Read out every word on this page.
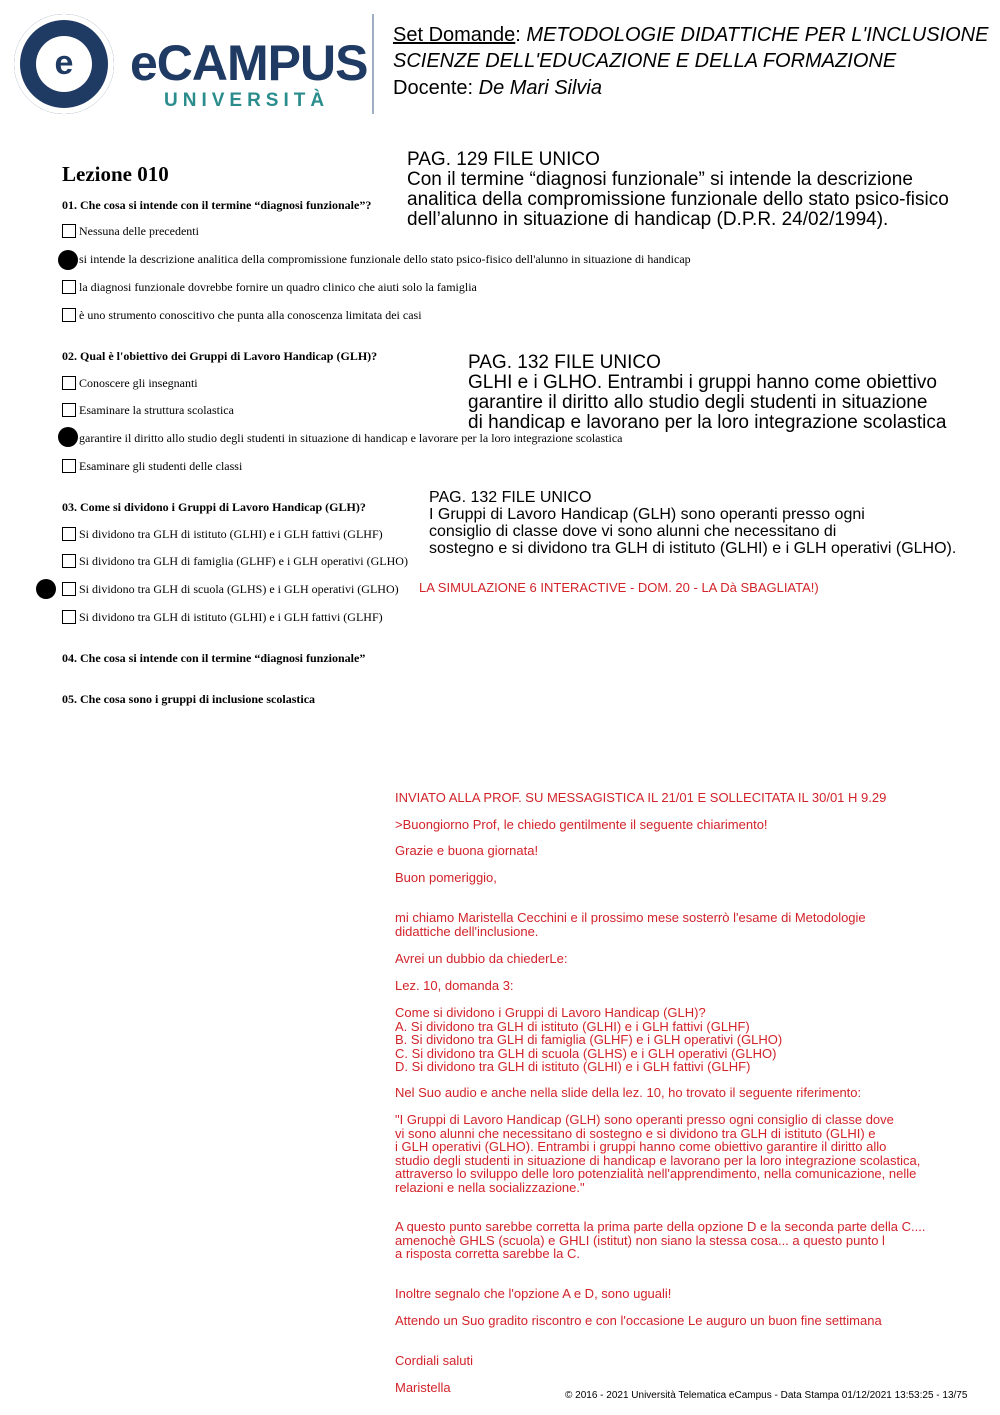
e	eCAMPUS
UNIVERSITÀ
Set Domande: METODOLOGIE DIDATTICHE PER L'INCLUSIONE
SCIENZE DELL'EDUCAZIONE E DELLA FORMAZIONE
Docente: De Mari Silvia
Lezione 010
01. Che cosa si intende con il termine “diagnosi funzionale”?
Nessuna delle precedenti
si intende la descrizione analitica della compromissione funzionale dello stato psico-fisico dell'alunno in situazione di handicap
la diagnosi funzionale dovrebbe fornire un quadro clinico che aiuti solo la famiglia
è uno strumento conoscitivo che punta alla conoscenza limitata dei casi
PAG. 129 FILE UNICO
Con il termine “diagnosi funzionale” si intende la descrizione
analitica della compromissione funzionale dello stato psico-fisico
dell’alunno in situazione di handicap (D.P.R. 24/02/1994).
02. Qual è l'obiettivo dei Gruppi di Lavoro Handicap (GLH)?
Conoscere gli insegnanti
Esaminare la struttura scolastica
garantire il diritto allo studio degli studenti in situazione di handicap e lavorare per la loro integrazione scolastica
Esaminare gli studenti delle classi
PAG. 132 FILE UNICO
GLHI e i GLHO. Entrambi i gruppi hanno come obiettivo
garantire il diritto allo studio degli studenti in situazione
di handicap e lavorano per la loro integrazione scolastica
03. Come si dividono i Gruppi di Lavoro Handicap (GLH)?
Si dividono tra GLH di istituto (GLHI) e i GLH fattivi (GLHF)
Si dividono tra GLH di famiglia (GLHF) e i GLH operativi (GLHO)
Si dividono tra GLH di scuola (GLHS) e i GLH operativi (GLHO)
Si dividono tra GLH di istituto (GLHI) e i GLH fattivi (GLHF)
LA SIMULAZIONE 6 INTERACTIVE - DOM. 20 - LA Dà SBAGLIATA!)
PAG. 132 FILE UNICO
I Gruppi di Lavoro Handicap (GLH) sono operanti presso ogni
consiglio di classe dove vi sono alunni che necessitano di
sostegno e si dividono tra GLH di istituto (GLHI) e i GLH operativi (GLHO).
04. Che cosa si intende con il termine “diagnosi funzionale”
05. Che cosa sono i gruppi di inclusione scolastica
INVIATO ALLA PROF. SU MESSAGISTICA IL 21/01 E SOLLECITATA IL 30/01 H 9.29
>Buongiorno Prof, le chiedo gentilmente il seguente chiarimento!
Grazie e buona giornata!
Buon pomeriggio,
mi chiamo Maristella Cecchini e il prossimo mese sosterrò l'esame di Metodologie
didattiche dell'inclusione.
Avrei un dubbio da chiederLe:
Lez. 10, domanda 3:
Come si dividono i Gruppi di Lavoro Handicap (GLH)?
A. Si dividono tra GLH di istituto (GLHI) e i GLH fattivi (GLHF)
B. Si dividono tra GLH di famiglia (GLHF) e i GLH operativi (GLHO)
C. Si dividono tra GLH di scuola (GLHS) e i GLH operativi (GLHO)
D. Si dividono tra GLH di istituto (GLHI) e i GLH fattivi (GLHF)
Nel Suo audio e anche nella slide della lez. 10, ho trovato il seguente riferimento:
"I Gruppi di Lavoro Handicap (GLH) sono operanti presso ogni consiglio di classe dove
vi sono alunni che necessitano di sostegno e si dividono tra GLH di istituto (GLHI) e
i GLH operativi (GLHO). Entrambi i gruppi hanno come obiettivo garantire il diritto allo
studio degli studenti in situazione di handicap e lavorano per la loro integrazione scolastica,
attraverso lo sviluppo delle loro potenzialità nell'apprendimento, nella comunicazione, nelle
relazioni e nella socializzazione."
A questo punto sarebbe corretta la prima parte della opzione D e la seconda parte della C....
amenochè GHLS (scuola) e GHLI (istitut) non siano la stessa cosa... a questo punto l
a risposta corretta sarebbe la C.
Inoltre segnalo che l'opzione A e D, sono uguali!
Attendo un Suo gradito riscontro e con l'occasione Le auguro un buon fine settimana
Cordiali saluti
Maristella
© 2016 - 2021 Università Telematica eCampus - Data Stampa 01/12/2021 13:53:25 - 13/75
